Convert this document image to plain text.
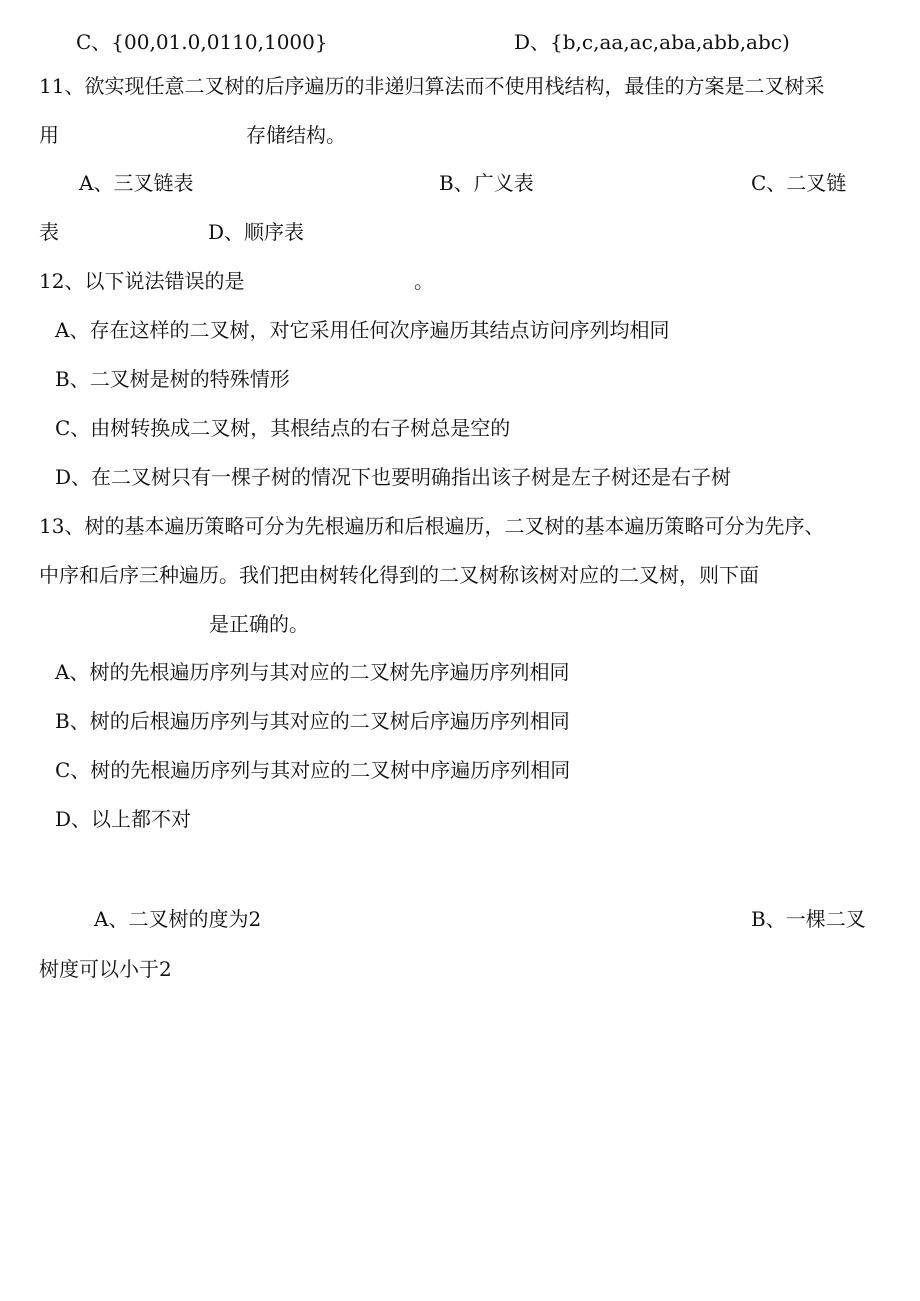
C、{00,01.0,0110,1000}	D、{b,c,aa,ac,aba,abb,abc)
11、欲实现任意二叉树的后序遍历的非递归算法而不使用栈结构，最佳的方案是二叉树采
用	存储结构。
A、三叉链表	B、广义表	C、二叉链
表	D、顺序表
12、以下说法错误的是	。
A、存在这样的二叉树，对它采用任何次序遍历其结点访问序列均相同
B、二叉树是树的特殊情形
C、由树转换成二叉树，其根结点的右子树总是空的
D、在二叉树只有一棵子树的情况下也要明确指出该子树是左子树还是右子树
13、树的基本遍历策略可分为先根遍历和后根遍历，二叉树的基本遍历策略可分为先序、
中序和后序三种遍历。我们把由树转化得到的二叉树称该树对应的二叉树，则下面
是正确的。
A、树的先根遍历序列与其对应的二叉树先序遍历序列相同
B、树的后根遍历序列与其对应的二叉树后序遍历序列相同
C、树的先根遍历序列与其对应的二叉树中序遍历序列相同
D、以上都不对
A、二叉树的度为2	B、一棵二叉
树度可以小于2
